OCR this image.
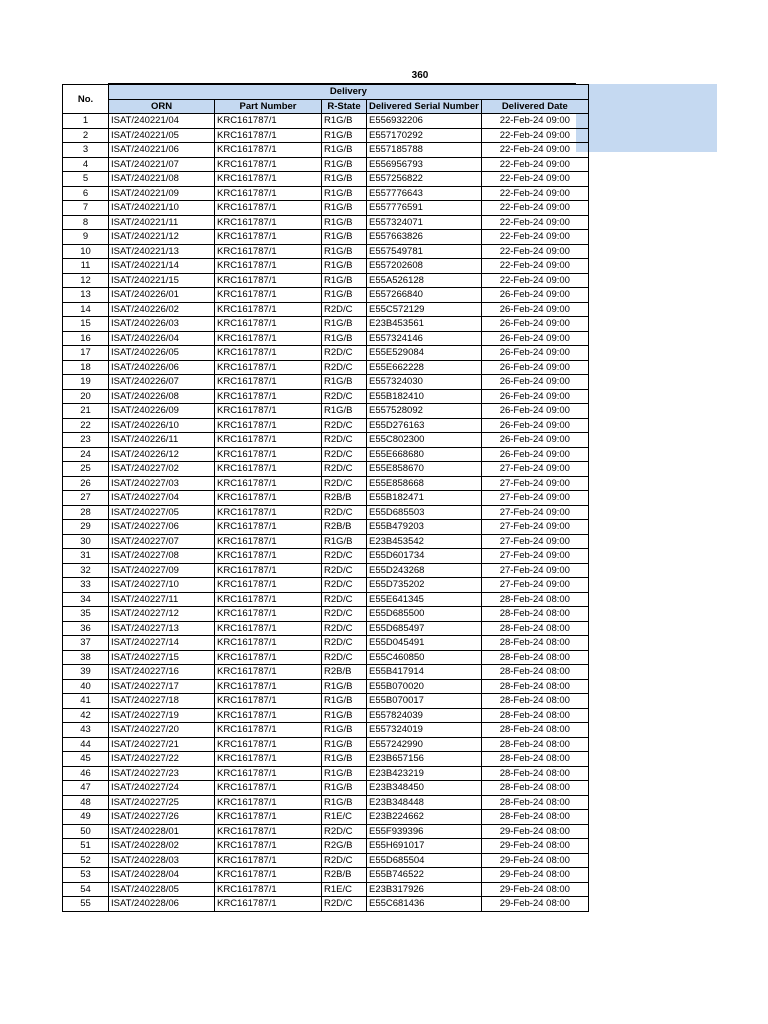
360
No.	Delivery				
	ORN	Part Number	R-State	Delivered Serial Number	Delivered Date
1	ISAT/240221/04	KRC161787/1	R1G/B	E556932206	22-Feb-24 09:00
2	ISAT/240221/05	KRC161787/1	R1G/B	E557170292	22-Feb-24 09:00
3	ISAT/240221/06	KRC161787/1	R1G/B	E557185788	22-Feb-24 09:00
4	ISAT/240221/07	KRC161787/1	R1G/B	E556956793	22-Feb-24 09:00
5	ISAT/240221/08	KRC161787/1	R1G/B	E557256822	22-Feb-24 09:00
6	ISAT/240221/09	KRC161787/1	R1G/B	E557776643	22-Feb-24 09:00
7	ISAT/240221/10	KRC161787/1	R1G/B	E557776591	22-Feb-24 09:00
8	ISAT/240221/11	KRC161787/1	R1G/B	E557324071	22-Feb-24 09:00
9	ISAT/240221/12	KRC161787/1	R1G/B	E557663826	22-Feb-24 09:00
10	ISAT/240221/13	KRC161787/1	R1G/B	E557549781	22-Feb-24 09:00
11	ISAT/240221/14	KRC161787/1	R1G/B	E557202608	22-Feb-24 09:00
12	ISAT/240221/15	KRC161787/1	R1G/B	E55A526128	22-Feb-24 09:00
13	ISAT/240226/01	KRC161787/1	R1G/B	E557266840	26-Feb-24 09:00
14	ISAT/240226/02	KRC161787/1	R2D/C	E55C572129	26-Feb-24 09:00
15	ISAT/240226/03	KRC161787/1	R1G/B	E23B453561	26-Feb-24 09:00
16	ISAT/240226/04	KRC161787/1	R1G/B	E557324146	26-Feb-24 09:00
17	ISAT/240226/05	KRC161787/1	R2D/C	E55E529084	26-Feb-24 09:00
18	ISAT/240226/06	KRC161787/1	R2D/C	E55E662228	26-Feb-24 09:00
19	ISAT/240226/07	KRC161787/1	R1G/B	E557324030	26-Feb-24 09:00
20	ISAT/240226/08	KRC161787/1	R2D/C	E55B182410	26-Feb-24 09:00
21	ISAT/240226/09	KRC161787/1	R1G/B	E557528092	26-Feb-24 09:00
22	ISAT/240226/10	KRC161787/1	R2D/C	E55D276163	26-Feb-24 09:00
23	ISAT/240226/11	KRC161787/1	R2D/C	E55C802300	26-Feb-24 09:00
24	ISAT/240226/12	KRC161787/1	R2D/C	E55E668680	26-Feb-24 09:00
25	ISAT/240227/02	KRC161787/1	R2D/C	E55E858670	27-Feb-24 09:00
26	ISAT/240227/03	KRC161787/1	R2D/C	E55E858668	27-Feb-24 09:00
27	ISAT/240227/04	KRC161787/1	R2B/B	E55B182471	27-Feb-24 09:00
28	ISAT/240227/05	KRC161787/1	R2D/C	E55D685503	27-Feb-24 09:00
29	ISAT/240227/06	KRC161787/1	R2B/B	E55B479203	27-Feb-24 09:00
30	ISAT/240227/07	KRC161787/1	R1G/B	E23B453542	27-Feb-24 09:00
31	ISAT/240227/08	KRC161787/1	R2D/C	E55D601734	27-Feb-24 09:00
32	ISAT/240227/09	KRC161787/1	R2D/C	E55D243268	27-Feb-24 09:00
33	ISAT/240227/10	KRC161787/1	R2D/C	E55D735202	27-Feb-24 09:00
34	ISAT/240227/11	KRC161787/1	R2D/C	E55E641345	28-Feb-24 08:00
35	ISAT/240227/12	KRC161787/1	R2D/C	E55D685500	28-Feb-24 08:00
36	ISAT/240227/13	KRC161787/1	R2D/C	E55D685497	28-Feb-24 08:00
37	ISAT/240227/14	KRC161787/1	R2D/C	E55D045491	28-Feb-24 08:00
38	ISAT/240227/15	KRC161787/1	R2D/C	E55C460850	28-Feb-24 08:00
39	ISAT/240227/16	KRC161787/1	R2B/B	E55B417914	28-Feb-24 08:00
40	ISAT/240227/17	KRC161787/1	R1G/B	E55B070020	28-Feb-24 08:00
41	ISAT/240227/18	KRC161787/1	R1G/B	E55B070017	28-Feb-24 08:00
42	ISAT/240227/19	KRC161787/1	R1G/B	E557824039	28-Feb-24 08:00
43	ISAT/240227/20	KRC161787/1	R1G/B	E557324019	28-Feb-24 08:00
44	ISAT/240227/21	KRC161787/1	R1G/B	E557242990	28-Feb-24 08:00
45	ISAT/240227/22	KRC161787/1	R1G/B	E23B657156	28-Feb-24 08:00
46	ISAT/240227/23	KRC161787/1	R1G/B	E23B423219	28-Feb-24 08:00
47	ISAT/240227/24	KRC161787/1	R1G/B	E23B348450	28-Feb-24 08:00
48	ISAT/240227/25	KRC161787/1	R1G/B	E23B348448	28-Feb-24 08:00
49	ISAT/240227/26	KRC161787/1	R1E/C	E23B224662	28-Feb-24 08:00
50	ISAT/240228/01	KRC161787/1	R2D/C	E55F939396	29-Feb-24 08:00
51	ISAT/240228/02	KRC161787/1	R2G/B	E55H691017	29-Feb-24 08:00
52	ISAT/240228/03	KRC161787/1	R2D/C	E55D685504	29-Feb-24 08:00
53	ISAT/240228/04	KRC161787/1	R2B/B	E55B746522	29-Feb-24 08:00
54	ISAT/240228/05	KRC161787/1	R1E/C	E23B317926	29-Feb-24 08:00
55	ISAT/240228/06	KRC161787/1	R2D/C	E55C681436	29-Feb-24 08:00
